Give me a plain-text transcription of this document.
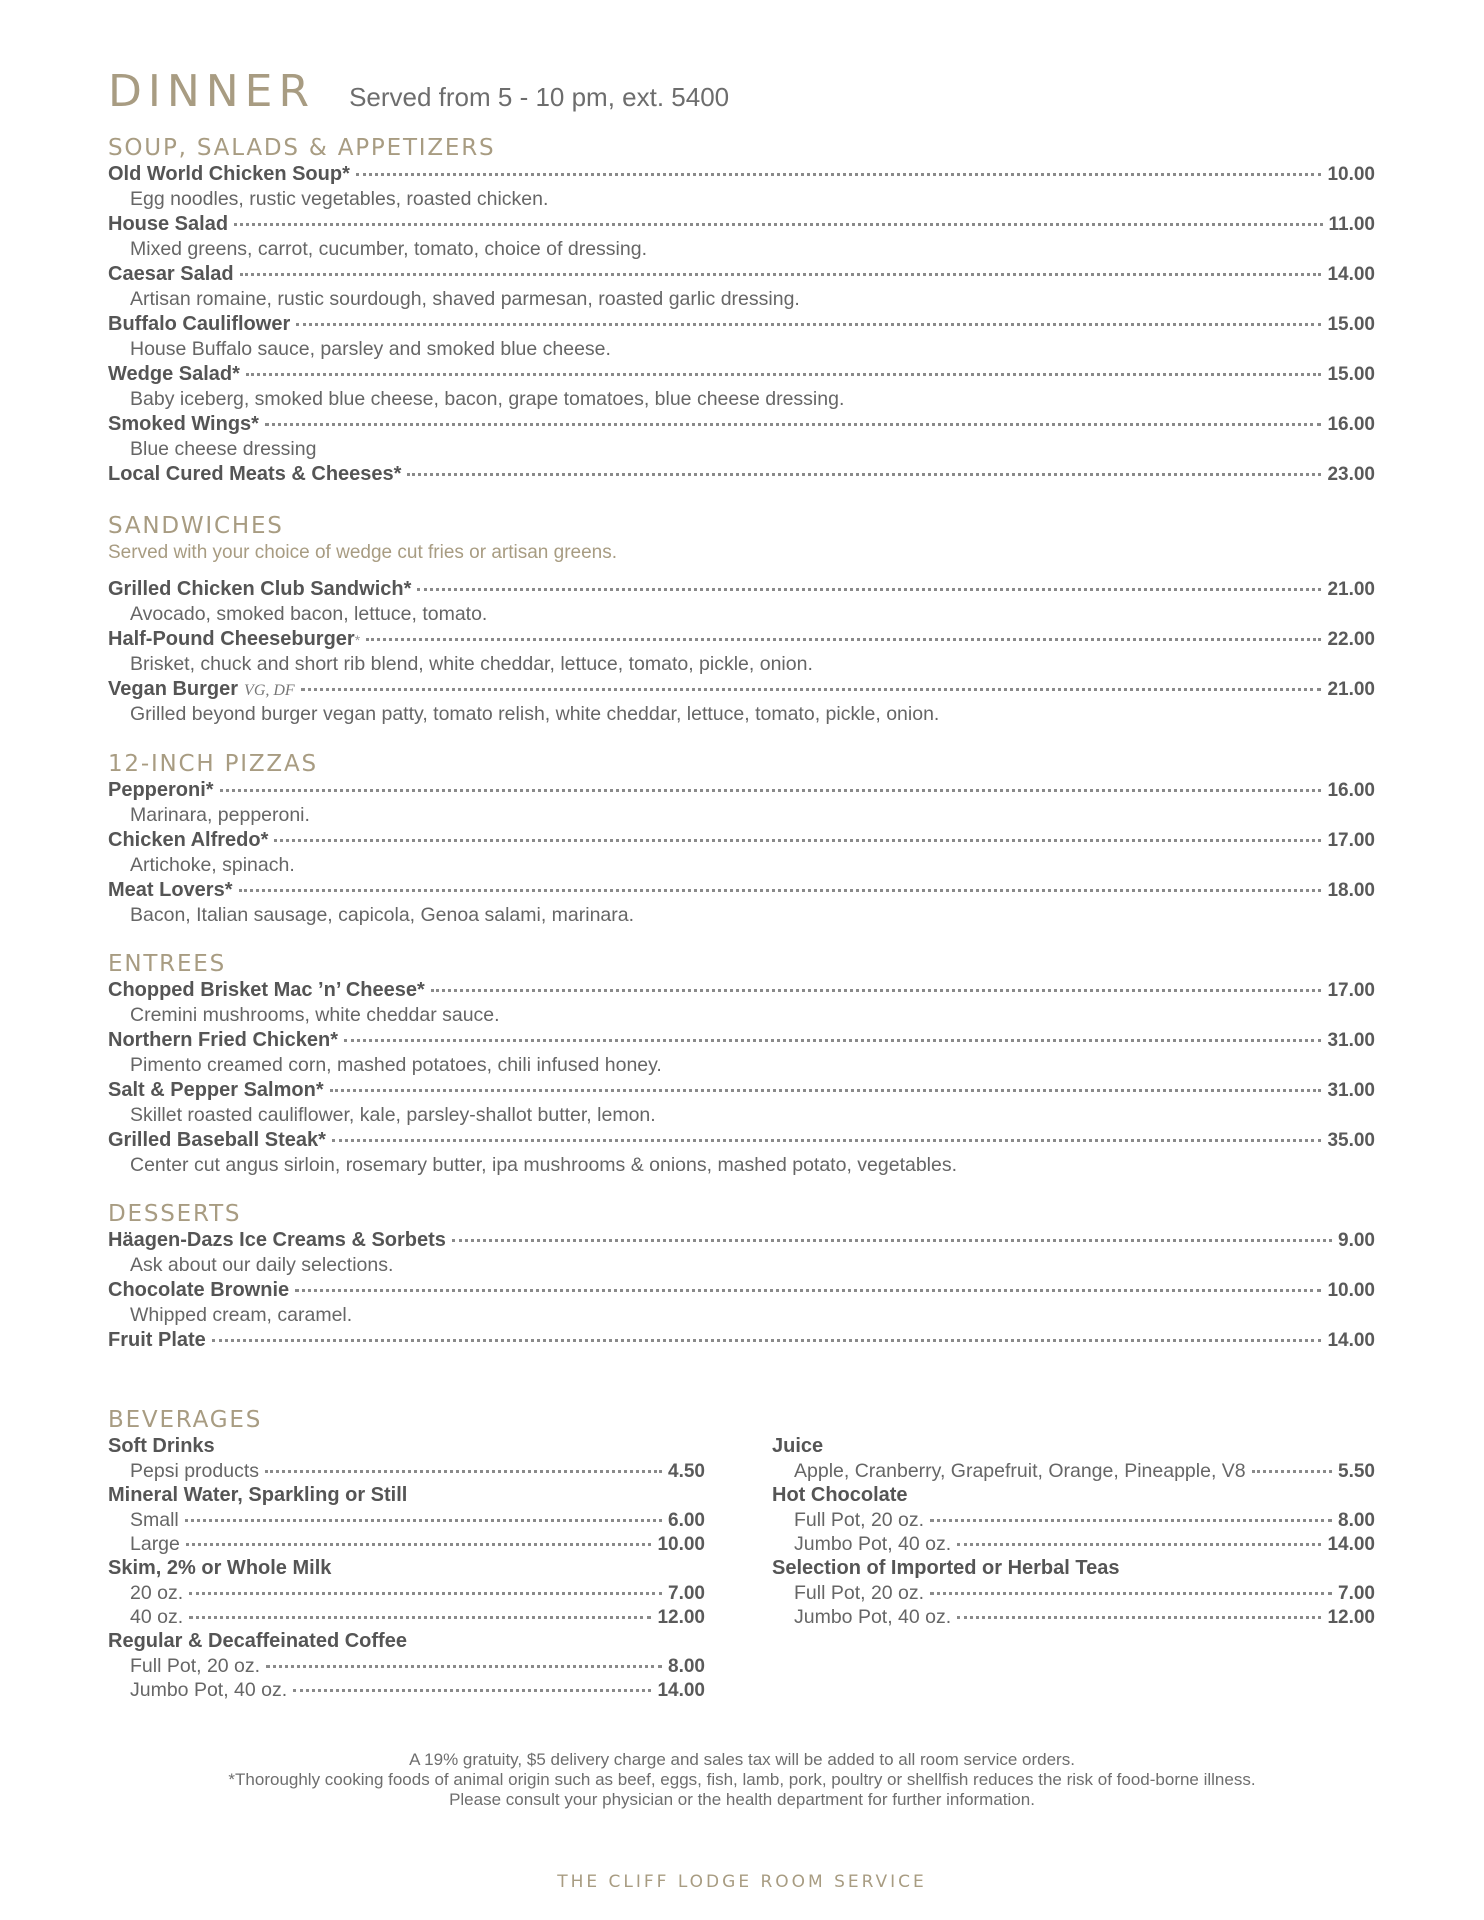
DINNER Served from 5 - 10 pm, ext. 5400
SOUP, SALADS & APPETIZERS
Old World Chicken Soup*	10.00
Egg noodles, rustic vegetables, roasted chicken.
House Salad	11.00
Mixed greens, carrot, cucumber, tomato, choice of dressing.
Caesar Salad	14.00
Artisan romaine, rustic sourdough, shaved parmesan, roasted garlic dressing.
Buffalo Cauliflower	15.00
House Buffalo sauce, parsley and smoked blue cheese.
Wedge Salad*	15.00
Baby iceberg, smoked blue cheese, bacon, grape tomatoes, blue cheese dressing.
Smoked Wings*	16.00
Blue cheese dressing
Local Cured Meats & Cheeses*	23.00
SANDWICHES
Served with your choice of wedge cut fries or artisan greens.
Grilled Chicken Club Sandwich*	21.00
Avocado, smoked bacon, lettuce, tomato.
Half-Pound Cheeseburger*	22.00
Brisket, chuck and short rib blend, white cheddar, lettuce, tomato, pickle, onion.
Vegan Burger VG, DF	21.00
Grilled beyond burger vegan patty, tomato relish, white cheddar, lettuce, tomato, pickle, onion.
12-INCH PIZZAS
Pepperoni*	16.00
Marinara, pepperoni.
Chicken Alfredo*	17.00
Artichoke, spinach.
Meat Lovers*	18.00
Bacon, Italian sausage, capicola, Genoa salami, marinara.
ENTREES
Chopped Brisket Mac ’n’ Cheese*	17.00
Cremini mushrooms, white cheddar sauce.
Northern Fried Chicken*	31.00
Pimento creamed corn, mashed potatoes, chili infused honey.
Salt & Pepper Salmon*	31.00
Skillet roasted cauliflower, kale, parsley-shallot butter, lemon.
Grilled Baseball Steak*	35.00
Center cut angus sirloin, rosemary butter, ipa mushrooms & onions, mashed potato, vegetables.
DESSERTS
Häagen-Dazs Ice Creams & Sorbets	9.00
Ask about our daily selections.
Chocolate Brownie	10.00
Whipped cream, caramel.
Fruit Plate	14.00
BEVERAGES
Soft Drinks
Pepsi products	4.50
Mineral Water, Sparkling or Still
Small	6.00
Large	10.00
Skim, 2% or Whole Milk
20 oz.	7.00
40 oz.	12.00
Regular & Decaffeinated Coffee
Full Pot, 20 oz.	8.00
Jumbo Pot, 40 oz.	14.00
Juice
Apple, Cranberry, Grapefruit, Orange, Pineapple, V8	5.50
Hot Chocolate
Full Pot, 20 oz.	8.00
Jumbo Pot, 40 oz.	14.00
Selection of Imported or Herbal Teas
Full Pot, 20 oz.	7.00
Jumbo Pot, 40 oz.	12.00
A 19% gratuity, $5 delivery charge and sales tax will be added to all room service orders.
*Thoroughly cooking foods of animal origin such as beef, eggs, fish, lamb, pork, poultry or shellfish reduces the risk of food-borne illness.
Please consult your physician or the health department for further information.
THE CLIFF LODGE ROOM SERVICE
